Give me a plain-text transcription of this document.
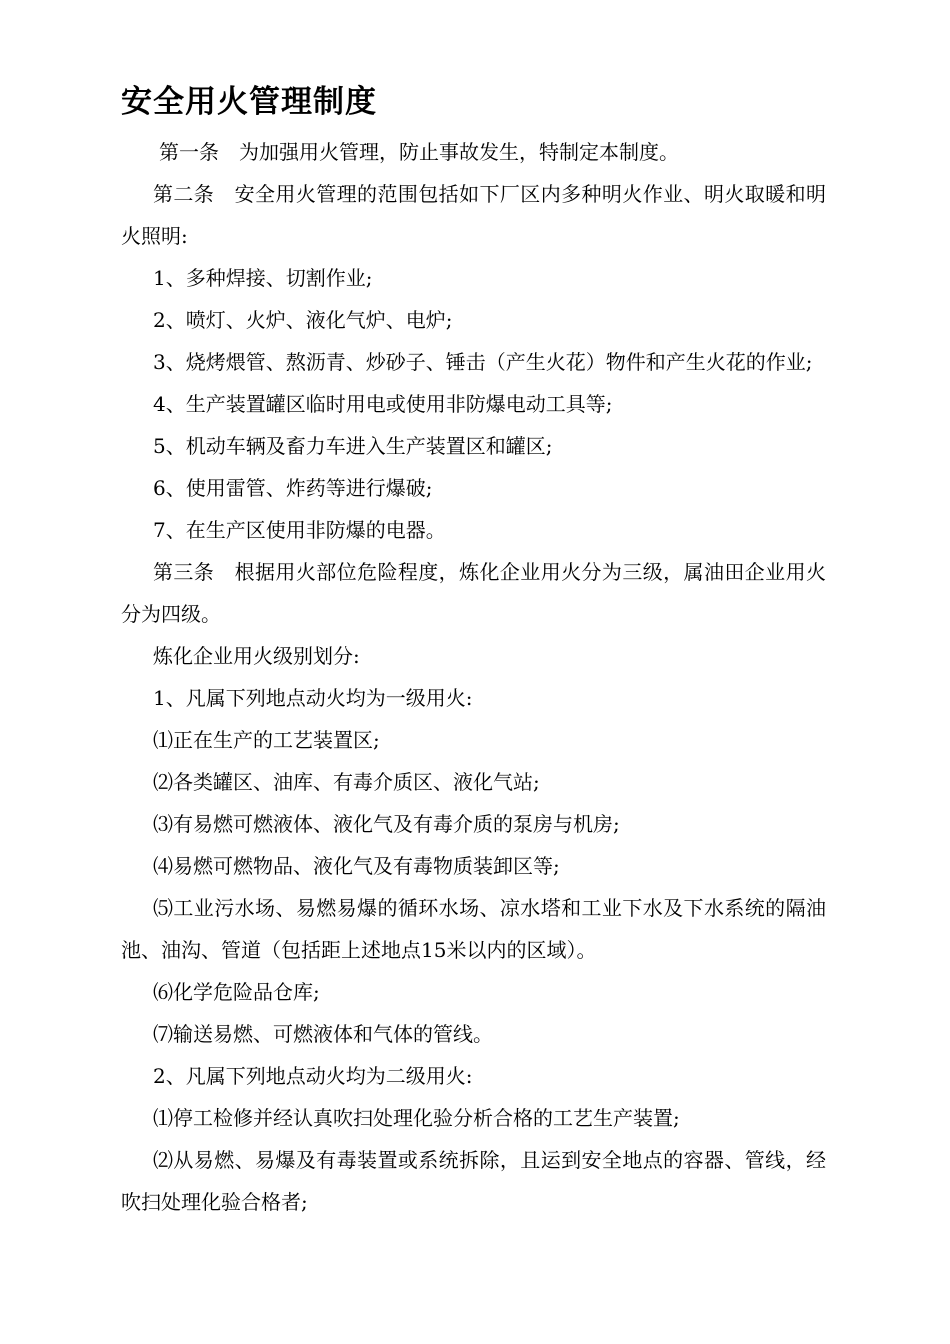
安全用火管理制度

第一条　为加强用火管理，防止事故发生，特制定本制度。

第二条　安全用火管理的范围包括如下厂区内多种明火作业、明火取暖和明火照明:

1、多种焊接、切割作业;

2、喷灯、火炉、液化气炉、电炉;

3、烧烤煨管、熬沥青、炒砂子、锤击（产生火花）物件和产生火花的作业;

4、生产装置罐区临时用电或使用非防爆电动工具等;

5、机动车辆及畜力车进入生产装置区和罐区;

6、使用雷管、炸药等进行爆破;

7、在生产区使用非防爆的电器。

第三条　根据用火部位危险程度，炼化企业用火分为三级，属油田企业用火分为四级。

炼化企业用火级别划分:

1、凡属下列地点动火均为一级用火:

⑴正在生产的工艺装置区;

⑵各类罐区、油库、有毒介质区、液化气站;

⑶有易燃可燃液体、液化气及有毒介质的泵房与机房;

⑷易燃可燃物品、液化气及有毒物质装卸区等;

⑸工业污水场、易燃易爆的循环水场、凉水塔和工业下水及下水系统的隔油池、油沟、管道（包括距上述地点15米以内的区域）。

⑹化学危险品仓库;

⑺输送易燃、可燃液体和气体的管线。

2、凡属下列地点动火均为二级用火:

⑴停工检修并经认真吹扫处理化验分析合格的工艺生产装置;

⑵从易燃、易爆及有毒装置或系统拆除，且运到安全地点的容器、管线，经吹扫处理化验合格者;
